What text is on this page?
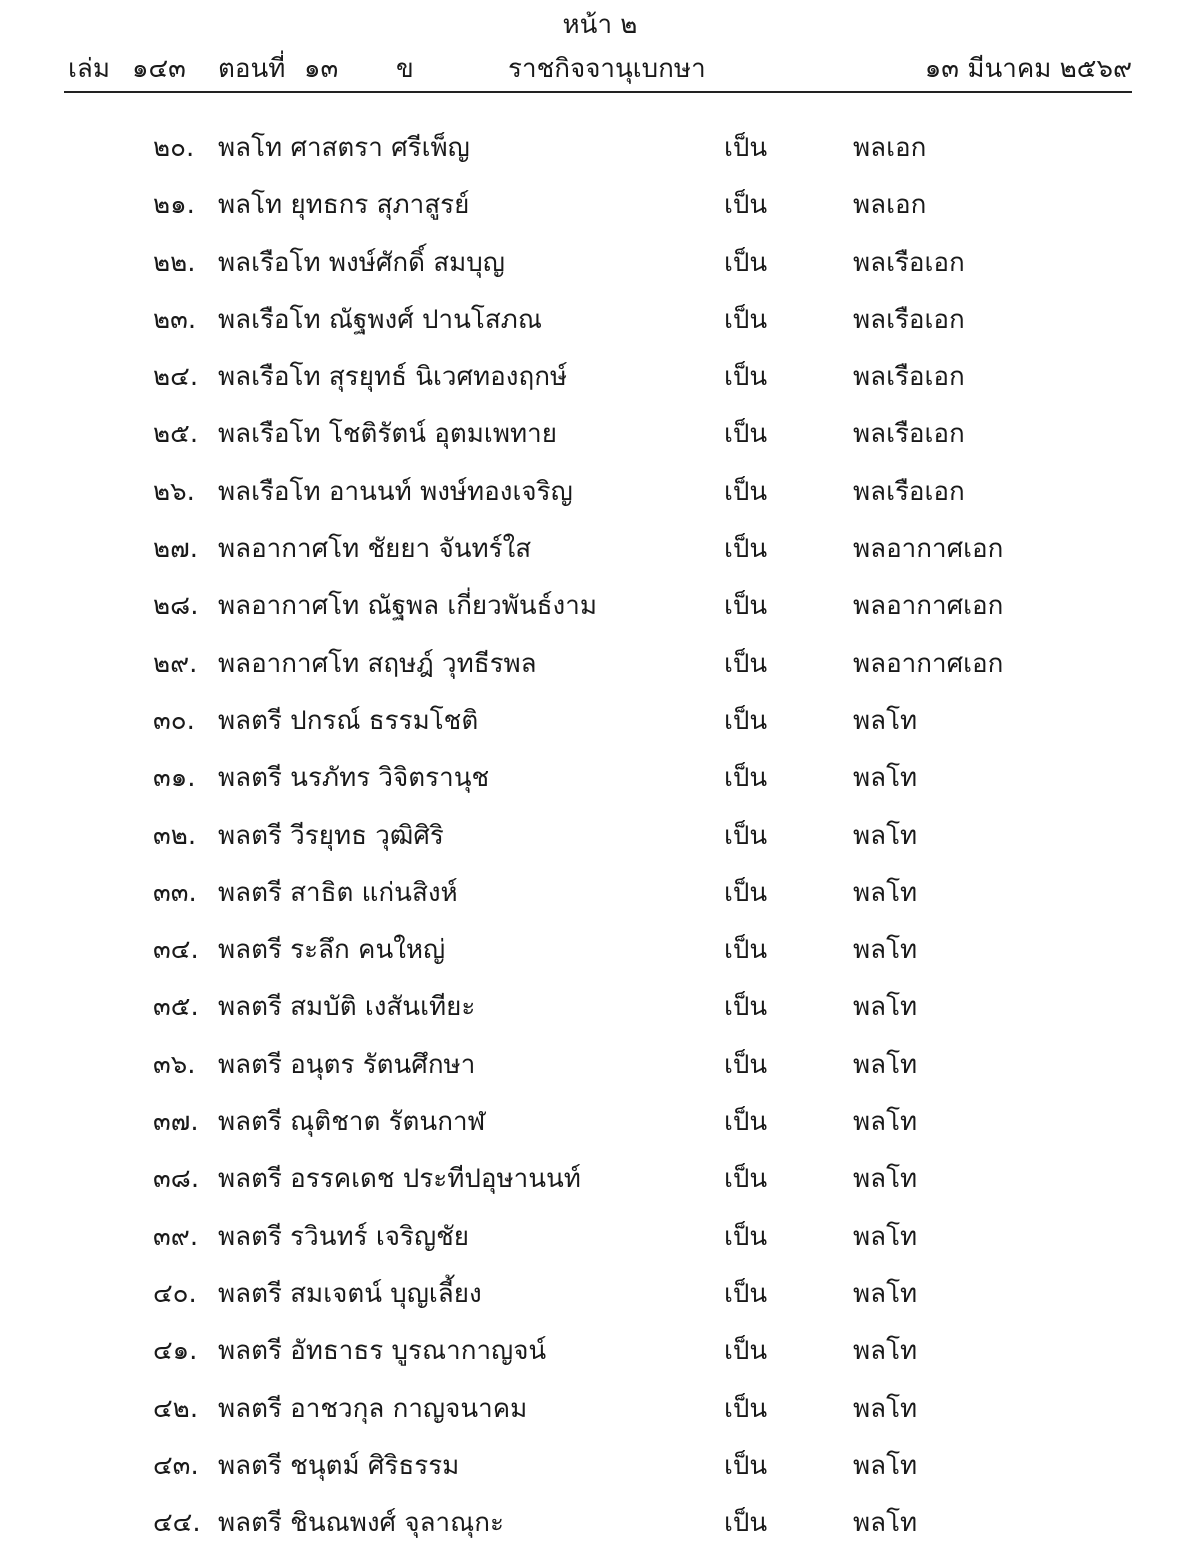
หน้า ๒
เล่ม ๑๔๓ ตอนที่ ๑๓ ข	ราชกิจจานุเบกษา	๑๓ มีนาคม ๒๕๖๙
๒๐. พลโท ศาสตรา ศรีเพ็ญ	เป็น	พลเอก
๒๑. พลโท ยุทธกร สุภาสูรย์	เป็น	พลเอก
๒๒. พลเรือโท พงษ์ศักดิ์ สมบุญ	เป็น	พลเรือเอก
๒๓. พลเรือโท ณัฐพงศ์ ปานโสภณ	เป็น	พลเรือเอก
๒๔. พลเรือโท สุรยุทธ์ นิเวศทองฤกษ์	เป็น	พลเรือเอก
๒๕. พลเรือโท โชติรัตน์ อุตมเพทาย	เป็น	พลเรือเอก
๒๖. พลเรือโท อานนท์ พงษ์ทองเจริญ	เป็น	พลเรือเอก
๒๗. พลอากาศโท ชัยยา จันทร์ใส	เป็น	พลอากาศเอก
๒๘. พลอากาศโท ณัฐพล เกี่ยวพันธ์งาม	เป็น	พลอากาศเอก
๒๙. พลอากาศโท สฤษฎ์ วุทธีรพล	เป็น	พลอากาศเอก
๓๐. พลตรี ปกรณ์ ธรรมโชติ	เป็น	พลโท
๓๑. พลตรี นรภัทร วิจิตรานุช	เป็น	พลโท
๓๒. พลตรี วีรยุทธ วุฒิศิริ	เป็น	พลโท
๓๓. พลตรี สาธิต แก่นสิงห์	เป็น	พลโท
๓๔. พลตรี ระลึก คนใหญ่	เป็น	พลโท
๓๕. พลตรี สมบัติ เงสันเทียะ	เป็น	พลโท
๓๖. พลตรี อนุตร รัตนศึกษา	เป็น	พลโท
๓๗. พลตรี ณุติชาต รัตนกาฬ	เป็น	พลโท
๓๘. พลตรี อรรคเดช ประทีปอุษานนท์	เป็น	พลโท
๓๙. พลตรี รวินทร์ เจริญชัย	เป็น	พลโท
๔๐. พลตรี สมเจตน์ บุญเลี้ยง	เป็น	พลโท
๔๑. พลตรี อัทธาธร บูรณากาญจน์	เป็น	พลโท
๔๒. พลตรี อาชวกุล กาญจนาคม	เป็น	พลโท
๔๓. พลตรี ชนุตม์ ศิริธรรม	เป็น	พลโท
๔๔. พลตรี ชินณพงศ์ จุลาณุกะ	เป็น	พลโท
